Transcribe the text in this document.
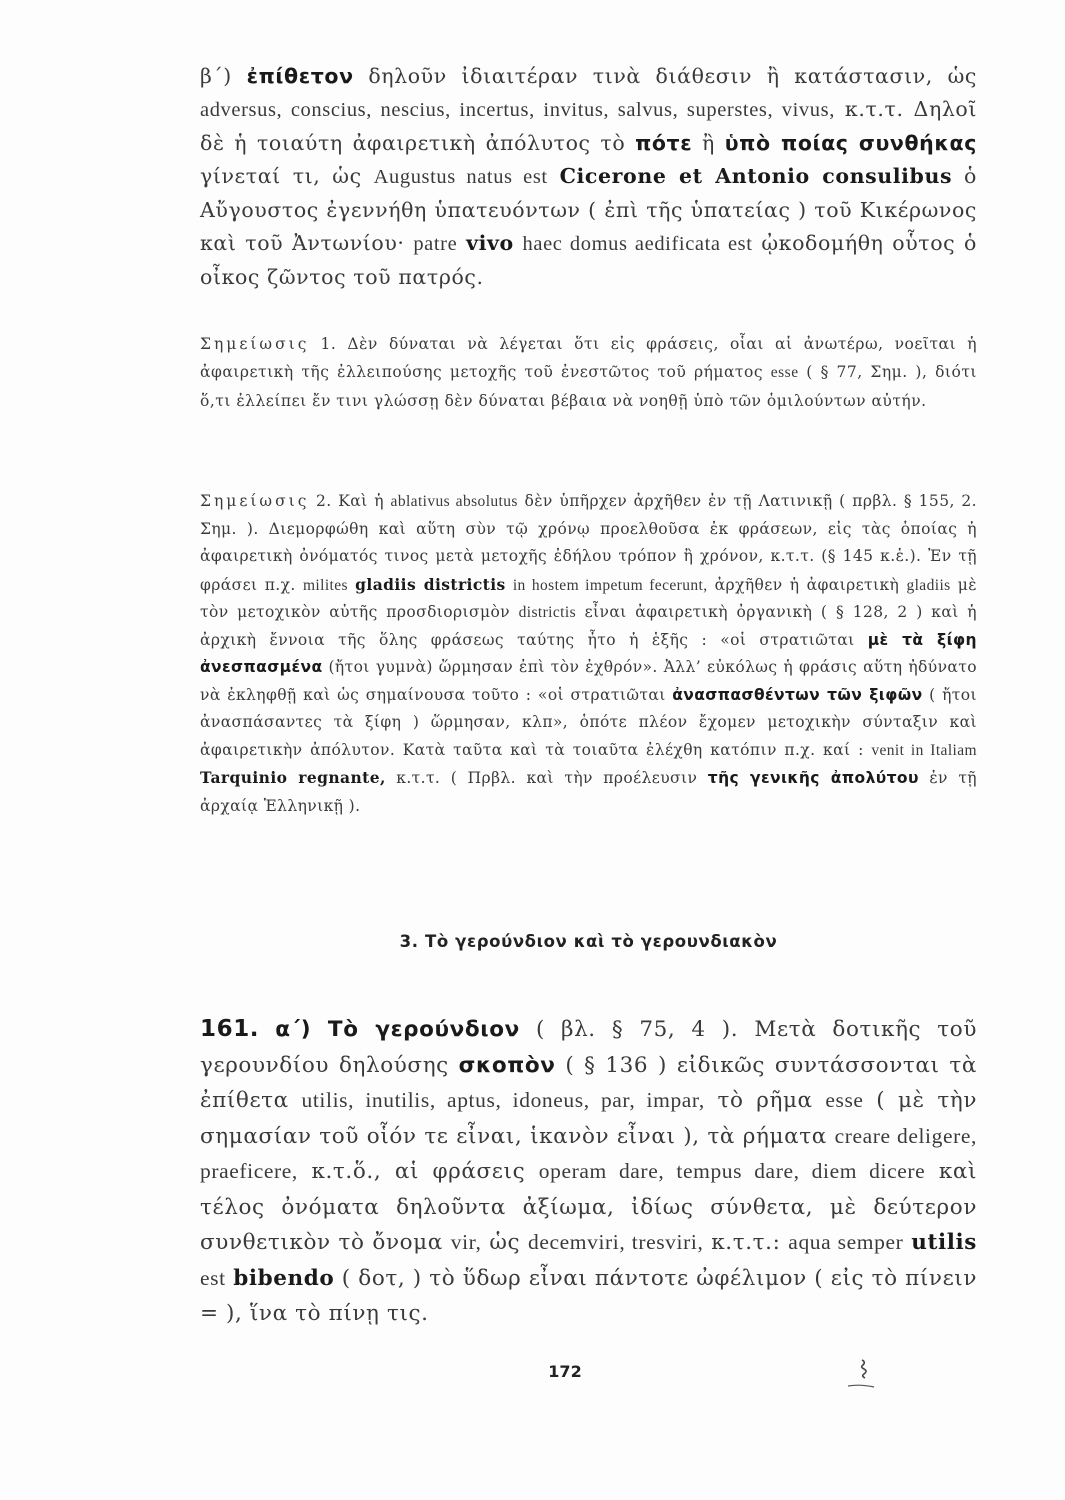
β΄) ἐπίθετον δηλοῦν ἰδιαιτέραν τινὰ διάθεσιν ἢ κατάστασιν, ὡς adversus, conscius, nescius, incertus, invitus, salvus, superstes, vivus, κ.τ.τ. Δηλοῖ δὲ ἡ τοιαύτη ἀφαιρετικὴ ἀπόλυτος τὸ πότε ἢ ὑπὸ ποίας συνθήκας γίνεταί τι, ὡς Augustus natus est Cicerone et Antonio consulibus ὁ Αὔγουστος ἐγεννήθη ὑπατευόντων ( ἐπὶ τῆς ὑπατείας ) τοῦ Κικέρωνος καὶ τοῦ Ἀντωνίου· patre vivo haec domus aedificata est ᾠκοδομήθη οὗτος ὁ οἶκος ζῶντος τοῦ πατρός.

Σημείωσις 1. Δὲν δύναται νὰ λέγεται ὅτι εἰς φράσεις, οἷαι αἱ ἀνωτέρω, νοεῖται ἡ ἀφαιρετικὴ τῆς ἐλλειπούσης μετοχῆς τοῦ ἐνεστῶτος τοῦ ρήματος esse ( § 77, Σημ. ), διότι ὅ,τι ἐλλείπει ἔν τινι γλώσσῃ δὲν δύναται βέβαια νὰ νοηθῇ ὑπὸ τῶν ὁμιλούντων αὐτήν.

Σημείωσις 2. Καὶ ἡ ablativus absolutus δὲν ὑπῆρχεν ἀρχῆθεν ἐν τῇ Λατινικῇ ( πρβλ. § 155, 2. Σημ. ). Διεμορφώθη καὶ αὕτη σὺν τῷ χρόνῳ προελθοῦσα ἐκ φράσεων, εἰς τὰς ὁποίας ἡ ἀφαιρετικὴ ὀνόματός τινος μετὰ μετοχῆς ἐδήλου τρόπον ἢ χρόνον, κ.τ.τ. (§ 145 κ.ἑ.). Ἐν τῇ φράσει π.χ. milites gladiis districtis in hostem impetum fecerunt, ἀρχῆθεν ἡ ἀφαιρετικὴ gladiis μὲ τὸν μετοχικὸν αὐτῆς προσδιορισμὸν districtis εἶναι ἀφαιρετικὴ ὀργανικὴ ( § 128, 2 ) καὶ ἡ ἀρχικὴ ἔννοια τῆς ὅλης φράσεως ταύτης ἦτο ἡ ἑξῆς : «οἱ στρατιῶται μὲ τὰ ξίφη ἀνεσπασμένα (ἤτοι γυμνὰ) ὥρμησαν ἐπὶ τὸν ἐχθρόν». Ἀλλ’ εὐκόλως ἡ φράσις αὕτη ἠδύνατο νὰ ἐκληφθῇ καὶ ὡς σημαίνουσα τοῦτο : «οἱ στρατιῶται ἀνασπασθέντων τῶν ξιφῶν ( ἤτοι ἀνασπάσαντες τὰ ξίφη ) ὥρμησαν, κλπ», ὁπότε πλέον ἔχομεν μετοχικὴν σύνταξιν καὶ ἀφαιρετικὴν ἀπόλυτον. Κατὰ ταῦτα καὶ τὰ τοιαῦτα ἐλέχθη κατόπιν π.χ. καί : venit in Italiam Tarquinio regnante, κ.τ.τ. ( Πρβλ. καὶ τὴν προέλευσιν τῆς γενικῆς ἀπολύτου ἐν τῇ ἀρχαίᾳ Ἑλληνικῇ ).

3. Τὸ γερούνδιον καὶ τὸ γερουνδιακὸν

161. α΄) Τὸ γερούνδιον ( βλ. § 75, 4 ). Μετὰ δοτικῆς τοῦ γερουνδίου δηλούσης σκοπὸν ( § 136 ) εἰδικῶς συντάσσονται τὰ ἐπίθετα utilis, inutilis, aptus, idoneus, par, impar, τὸ ρῆμα esse ( μὲ τὴν σημασίαν τοῦ οἷόν τε εἶναι, ἱκανὸν εἶναι ), τὰ ρήματα creare deligere, praeficere, κ.τ.ὅ., αἱ φράσεις operam dare, tempus dare, diem dicere καὶ τέλος ὀνόματα δηλοῦντα ἀξίωμα, ἰδίως σύνθετα, μὲ δεύτερον συνθετικὸν τὸ ὄνομα vir, ὡς decemviri, tresviri, κ.τ.τ.: aqua semper utilis est bibendo ( δοτ, ) τὸ ὕδωρ εἶναι πάντοτε ὠφέλιμον ( εἰς τὸ πίνειν = ), ἵνα τὸ πίνῃ τις.

172
